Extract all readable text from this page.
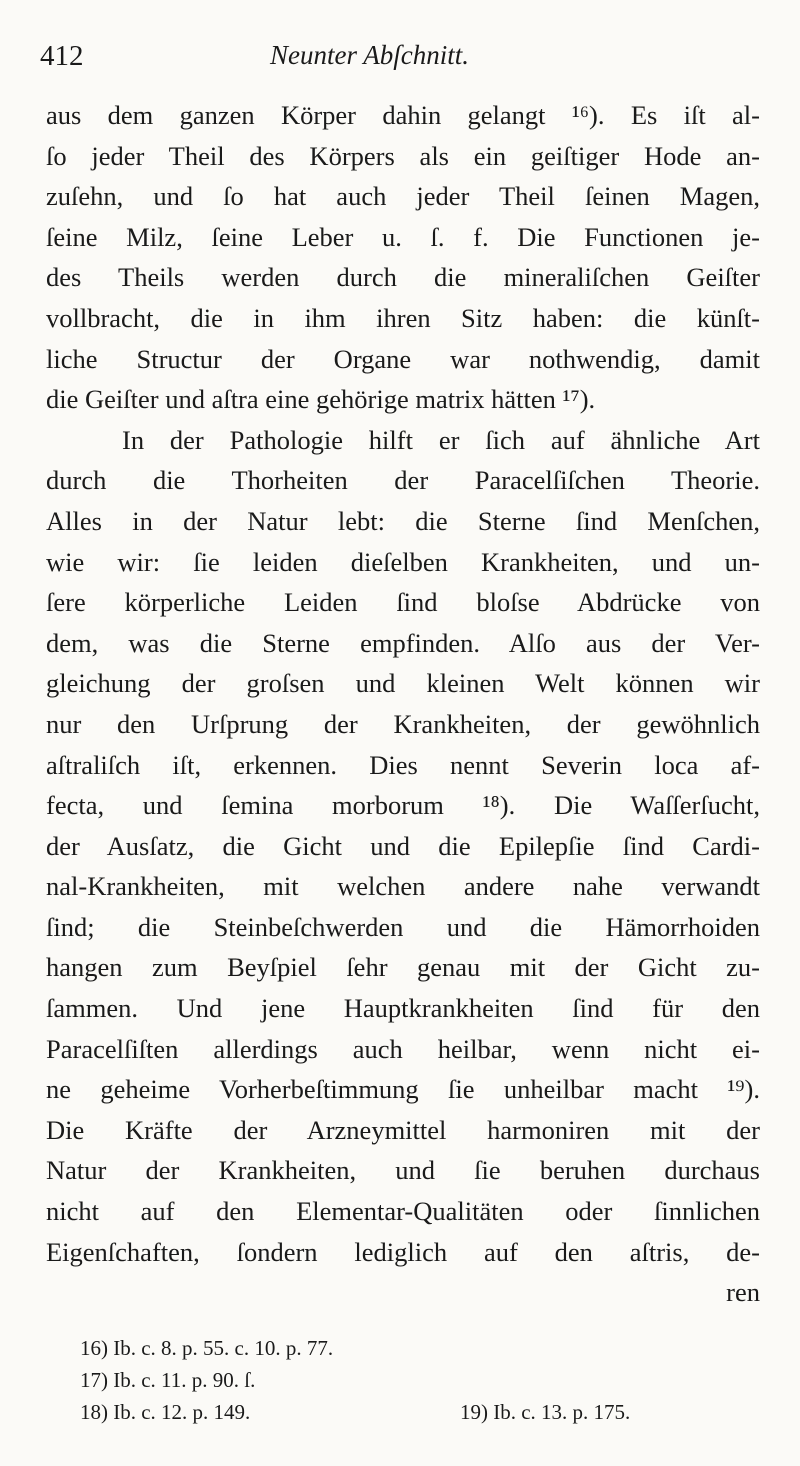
412	Neunter Abſchnitt.
aus dem ganzen Körper dahin gelangt ¹⁶). Es iſt al-
ſo jeder Theil des Körpers als ein geiſtiger Hode an-
zuſehn, und ſo hat auch jeder Theil ſeinen Magen,
ſeine Milz, ſeine Leber u. ſ. f. Die Functionen je-
des Theils werden durch die mineraliſchen Geiſter
vollbracht, die in ihm ihren Sitz haben: die künſt-
liche Structur der Organe war nothwendig, damit
die Geiſter und aſtra eine gehörige matrix hätten ¹⁷).
In der Pathologie hilft er ſich auf ähnliche Art
durch die Thorheiten der Paracelſiſchen Theorie.
Alles in der Natur lebt: die Sterne ſind Menſchen,
wie wir: ſie leiden dieſelben Krankheiten, und un-
ſere körperliche Leiden ſind bloſse Abdrücke von
dem, was die Sterne empfinden. Alſo aus der Ver-
gleichung der groſsen und kleinen Welt können wir
nur den Urſprung der Krankheiten, der gewöhnlich
aſtraliſch iſt, erkennen. Dies nennt Severin loca af-
fecta, und ſemina morborum ¹⁸). Die Waſſerſucht,
der Ausſatz, die Gicht und die Epilepſie ſind Cardi-
nal-Krankheiten, mit welchen andere nahe verwandt
ſind; die Steinbeſchwerden und die Hämorrhoiden
hangen zum Beyſpiel ſehr genau mit der Gicht zu-
ſammen. Und jene Hauptkrankheiten ſind für den
Paracelſiſten allerdings auch heilbar, wenn nicht ei-
ne geheime Vorherbeſtimmung ſie unheilbar macht ¹⁹).
Die Kräfte der Arzneymittel harmoniren mit der
Natur der Krankheiten, und ſie beruhen durchaus
nicht auf den Elementar-Qualitäten oder ſinnlichen
Eigenſchaften, ſondern lediglich auf den aſtris, de-
ren
16) Ib. c. 8. p. 55. c. 10. p. 77.
17) Ib. c. 11. p. 90. ſ.
18) Ib. c. 12. p. 149.	19) Ib. c. 13. p. 175.
